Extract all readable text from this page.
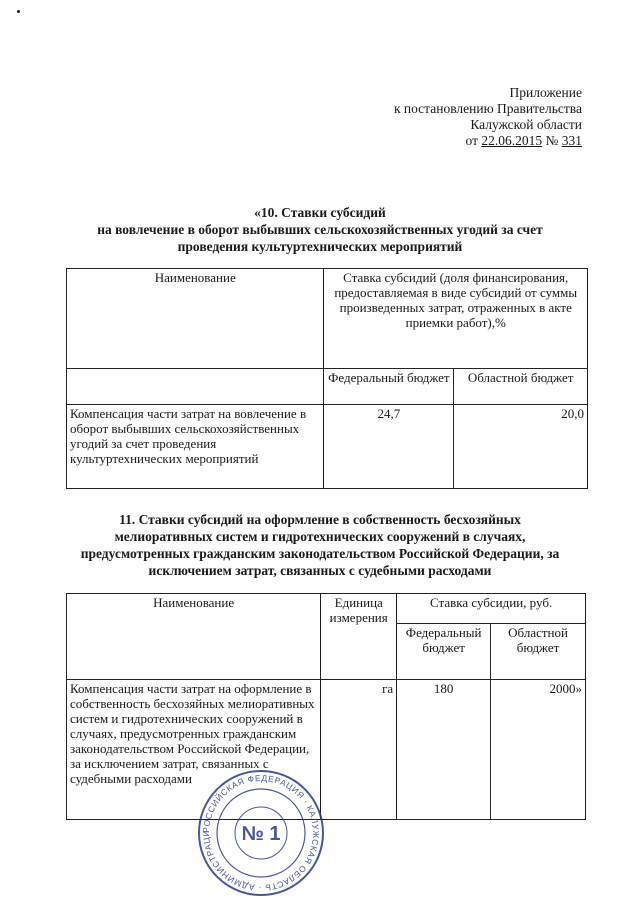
Приложение
к постановлению Правительства
Калужской области
от 22.06.2015 № 331
«10. Ставки субсидий
на вовлечение в оборот выбывших сельскохозяйственных угодий за счет
проведения культуртехнических мероприятий
Наименование	Ставка субсидий (доля финансирования, предоставляемая в виде субсидий от суммы произведенных затрат, отраженных в акте приемки работ),%	
	Федеральный бюджет	Областной бюджет
Компенсация части затрат на вовлечение в оборот выбывших сельскохозяйственных угодий за счет проведения культуртехнических мероприятий	24,7	20,0
11. Ставки субсидий на оформление в собственность бесхозяйных
мелиоративных систем и гидротехнических сооружений в случаях,
предусмотренных гражданским законодательством Российской Федерации, за
исключением затрат, связанных с судебными расходами
Наименование	Единица измерения	Ставка субсидии, руб.	
		Федеральный бюджет	Областной бюджет
Компенсация части затрат на оформление в собственность бесхозяйных мелиоративных систем и гидротехнических сооружений в случаях, предусмотренных гражданским законодательством Российской Федерации, за исключением затрат, связанных с судебными расходами	га	180	2000»
РОССИЙСКАЯ ФЕДЕРАЦИЯ · КАЛУЖСКАЯ ОБЛАСТЬ · АДМИНИСТРАЦИ	№ 1
